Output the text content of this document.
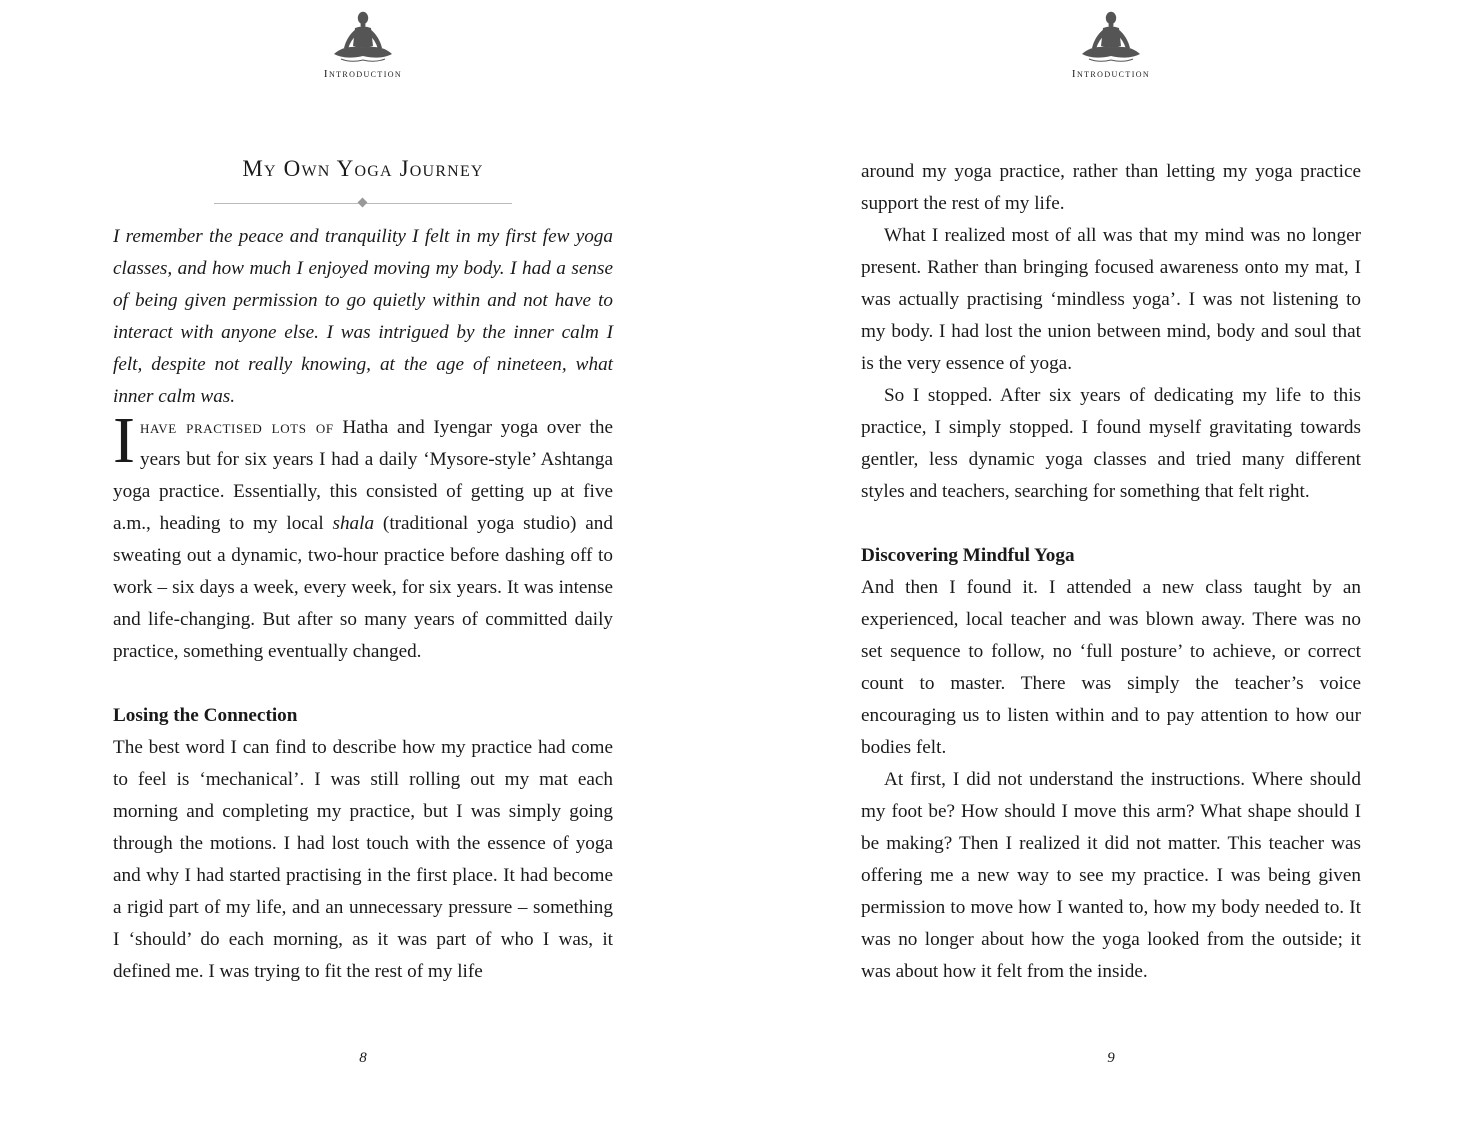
Introduction
My Own Yoga Journey

I remember the peace and tranquility I felt in my first few yoga classes, and how much I enjoyed moving my body. I had a sense of being given permission to go quietly within and not have to interact with anyone else. I was intrigued by the inner calm I felt, despite not really knowing, at the age of nineteen, what inner calm was.

Ihave practised lots of Hatha and Iyengar yoga over the years but for six years I had a daily ‘Mysore-style’ Ashtanga yoga practice. Essentially, this consisted of getting up at five a.m., heading to my local shala (traditional yoga studio) and sweating out a dynamic, two-hour practice before dashing off to work – six days a week, every week, for six years. It was intense and life-changing. But after so many years of committed daily practice, something eventually changed.

Losing the Connection

The best word I can find to describe how my practice had come to feel is ‘mechanical’. I was still rolling out my mat each morning and completing my practice, but I was simply going through the motions. I had lost touch with the essence of yoga and why I had started practising in the first place. It had become a rigid part of my life, and an unnecessary pressure – something I ‘should’ do each morning, as it was part of who I was, it defined me. I was trying to fit the rest of my life

8
Introduction

around my yoga practice, rather than letting my yoga practice support the rest of my life.

What I realized most of all was that my mind was no longer present. Rather than bringing focused awareness onto my mat, I was actually practising ‘mindless yoga’. I was not listening to my body. I had lost the union between mind, body and soul that is the very essence of yoga.

So I stopped. After six years of dedicating my life to this practice, I simply stopped. I found myself gravitating towards gentler, less dynamic yoga classes and tried many different styles and teachers, searching for something that felt right.

Discovering Mindful Yoga

And then I found it. I attended a new class taught by an experienced, local teacher and was blown away. There was no set sequence to follow, no ‘full posture’ to achieve, or correct count to master. There was simply the teacher’s voice encouraging us to listen within and to pay attention to how our bodies felt.

At first, I did not understand the instructions. Where should my foot be? How should I move this arm? What shape should I be making? Then I realized it did not matter. This teacher was offering me a new way to see my practice. I was being given permission to move how I wanted to, how my body needed to. It was no longer about how the yoga looked from the outside; it was about how it felt from the inside.

9
